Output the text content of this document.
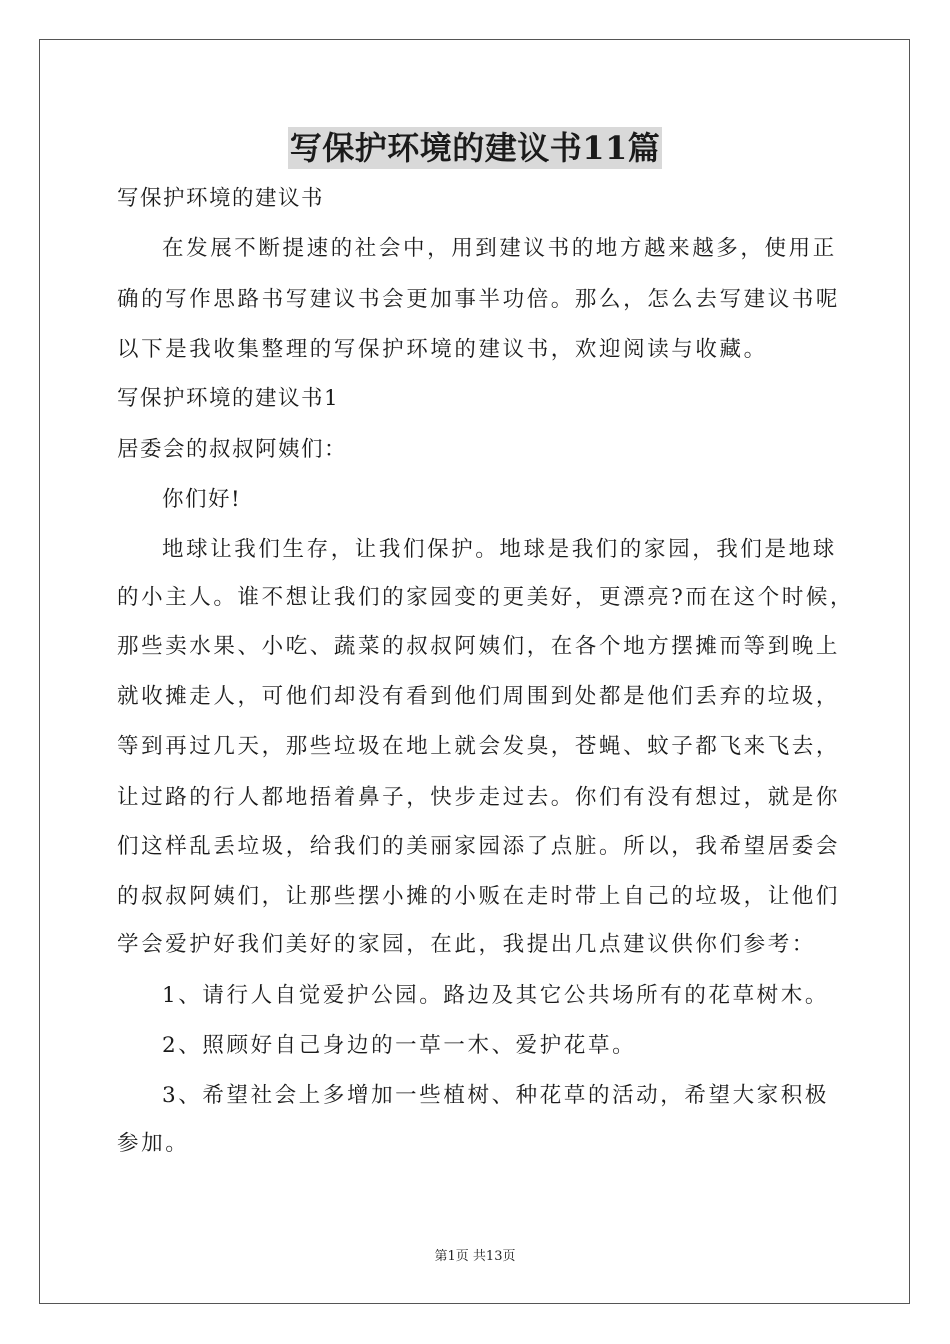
写保护环境的建议书11篇
写保护环境的建议书
在发展不断提速的社会中，用到建议书的地方越来越多，使用正
确的写作思路书写建议书会更加事半功倍。那么，怎么去写建议书呢
以下是我收集整理的写保护环境的建议书，欢迎阅读与收藏。
写保护环境的建议书1
居委会的叔叔阿姨们：
你们好!
地球让我们生存，让我们保护。地球是我们的家园，我们是地球
的小主人。谁不想让我们的家园变的更美好，更漂亮?而在这个时候，
那些卖水果、小吃、蔬菜的叔叔阿姨们，在各个地方摆摊而等到晚上
就收摊走人，可他们却没有看到他们周围到处都是他们丢弃的垃圾，
等到再过几天，那些垃圾在地上就会发臭，苍蝇、蚊子都飞来飞去，
让过路的行人都地捂着鼻子，快步走过去。你们有没有想过，就是你
们这样乱丢垃圾，给我们的美丽家园添了点脏。所以，我希望居委会
的叔叔阿姨们，让那些摆小摊的小贩在走时带上自己的垃圾，让他们
学会爱护好我们美好的家园，在此，我提出几点建议供你们参考：
1、请行人自觉爱护公园。路边及其它公共场所有的花草树木。
2、照顾好自己身边的一草一木、爱护花草。
3、希望社会上多增加一些植树、种花草的活动，希望大家积极
参加。
第1页 共13页
